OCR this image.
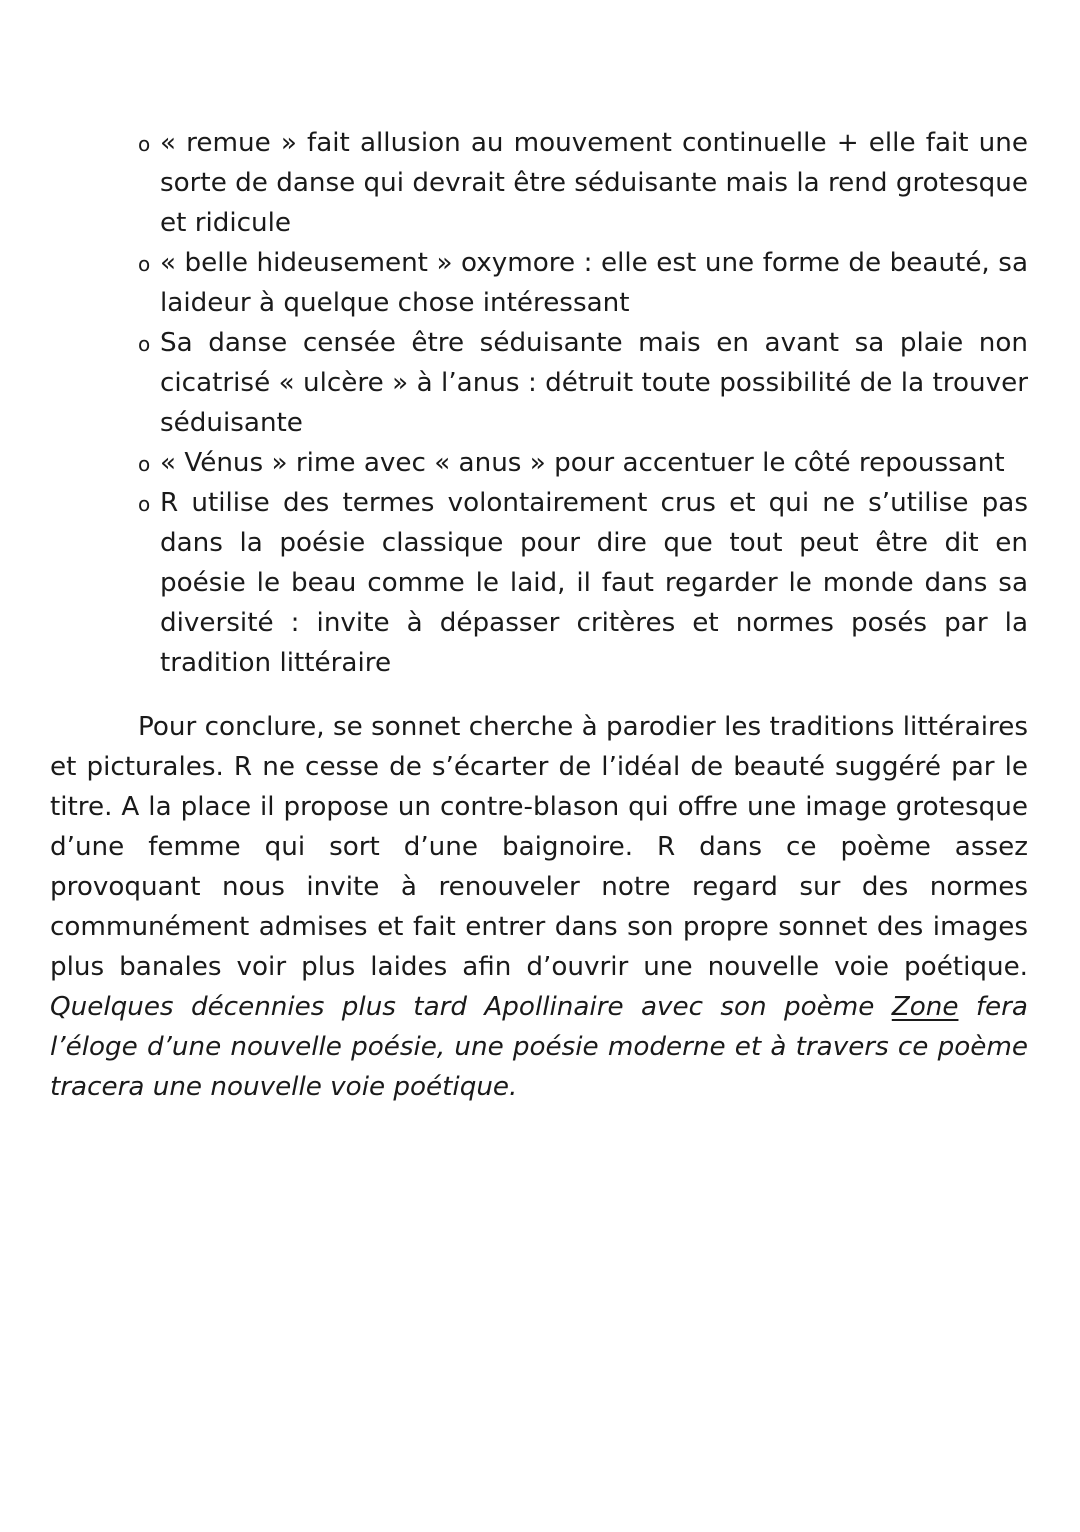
o « remue » fait allusion au mouvement continuelle + elle fait une sorte de danse qui devrait être séduisante mais la rend grotesque et ridicule
o « belle hideusement » oxymore : elle est une forme de beauté, sa laideur à quelque chose intéressant
o Sa danse censée être séduisante mais en avant sa plaie non cicatrisé « ulcère » à l’anus : détruit toute possibilité de la trouver séduisante
o « Vénus » rime avec « anus » pour accentuer le côté repoussant
o R utilise des termes volontairement crus et qui ne s’utilise pas dans la poésie classique pour dire que tout peut être dit en poésie le beau comme le laid, il faut regarder le monde dans sa diversité : invite à dépasser critères et normes posés par la tradition littéraire

Pour conclure, se sonnet cherche à parodier les traditions littéraires et picturales. R ne cesse de s’écarter de l’idéal de beauté suggéré par le titre. A la place il propose un contre-blason qui offre une image grotesque d’une femme qui sort d’une baignoire. R dans ce poème assez provoquant nous invite à renouveler notre regard sur des normes communément admises et fait entrer dans son propre sonnet des images plus banales voir plus laides afin d’ouvrir une nouvelle voie poétique. Quelques décennies plus tard Apollinaire avec son poème Zone fera l’éloge d’une nouvelle poésie, une poésie moderne et à travers ce poème tracera une nouvelle voie poétique.
